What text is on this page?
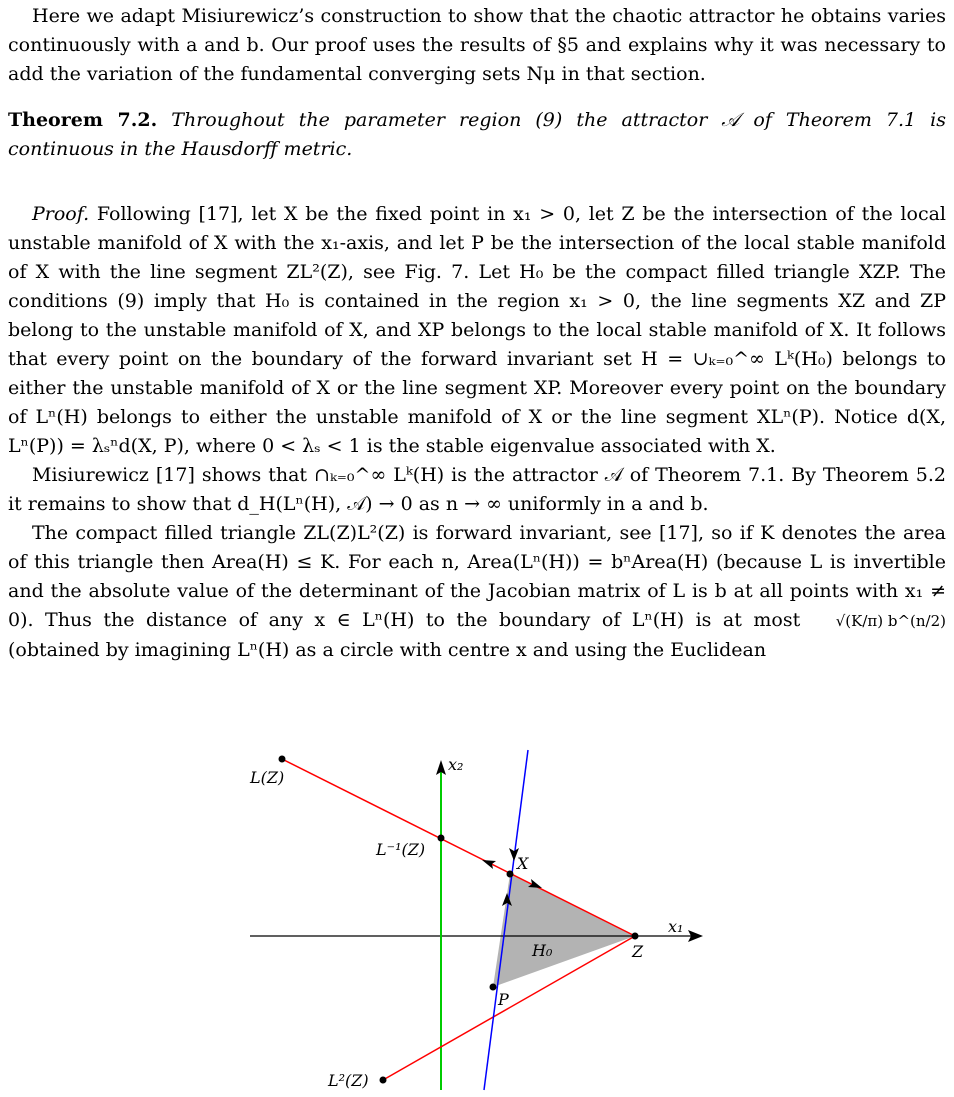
Here we adapt Misiurewicz’s construction to show that the chaotic attractor he obtains varies continuously with a and b. Our proof uses the results of §5 and explains why it was necessary to add the variation of the fundamental converging sets Nμ in that section.

Theorem 7.2. Throughout the parameter region (9) the attractor 𝒜 of Theorem 7.1 is continuous in the Hausdorff metric.

Proof. Following [17], let X be the fixed point in x₁ > 0, let Z be the intersection of the local unstable manifold of X with the x₁-axis, and let P be the intersection of the local stable manifold of X with the line segment ZL²(Z), see Fig. 7. Let H₀ be the compact filled triangle XZP. The conditions (9) imply that H₀ is contained in the region x₁ > 0, the line segments XZ and ZP belong to the unstable manifold of X, and XP belongs to the local stable manifold of X. It follows that every point on the boundary of the forward invariant set H = ∪ₖ₌₀^∞ Lᵏ(H₀) belongs to either the unstable manifold of X or the line segment XP. Moreover every point on the boundary of Lⁿ(H) belongs to either the unstable manifold of X or the line segment XLⁿ(P). Notice d(X, Lⁿ(P)) = λₛⁿd(X, P), where 0 < λₛ < 1 is the stable eigenvalue associated with X.

Misiurewicz [17] shows that ∩ₖ₌₀^∞ Lᵏ(H) is the attractor 𝒜 of Theorem 7.1. By Theorem 5.2 it remains to show that d_H(Lⁿ(H), 𝒜) → 0 as n → ∞ uniformly in a and b.

The compact filled triangle ZL(Z)L²(Z) is forward invariant, see [17], so if K denotes the area of this triangle then Area(H) ≤ K. For each n, Area(Lⁿ(H)) = bⁿArea(H) (because L is invertible and the absolute value of the determinant of the Jacobian matrix of L is b at all points with x₁ ≠ 0). Thus the distance of any x ∈ Lⁿ(H) to the boundary of Lⁿ(H) is at most √(K/π) b^(n/2) (obtained by imagining Lⁿ(H) as a circle with centre x and using the Euclidean

x₂
x₁
L(Z)
L⁻¹(Z)
X
Z
H₀
P
L²(Z)
